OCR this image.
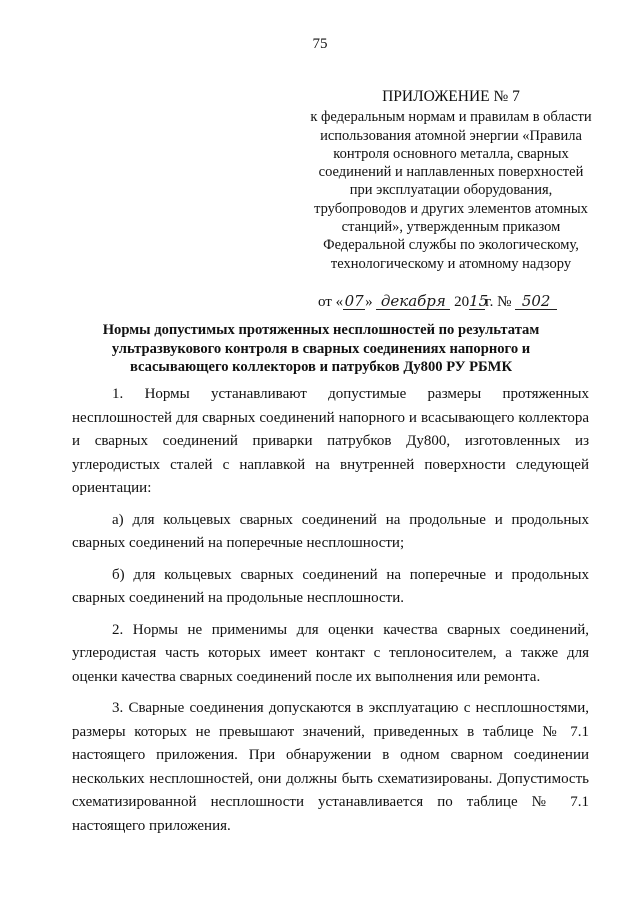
75
ПРИЛОЖЕНИЕ № 7
к федеральным нормам и правилам в области использования атомной энергии «Правила контроля основного металла, сварных соединений и наплавленных поверхностей при эксплуатации оборудования, трубопроводов и других элементов атомных станций», утвержденным приказом Федеральной службы по экологическому, технологическому и атомному надзору
от «07» декабря 2015г. № 502
Нормы допустимых протяженных несплошностей по результатам ультразвукового контроля в сварных соединениях напорного и всасывающего коллекторов и патрубков Ду800 РУ РБМК

1. Нормы устанавливают допустимые размеры протяженных несплошностей для сварных соединений напорного и всасывающего коллектора и сварных соединений приварки патрубков Ду800, изготовленных из углеродистых сталей с наплавкой на внутренней поверхности следующей ориентации:

а) для кольцевых сварных соединений на продольные и продольных сварных соединений на поперечные несплошности;

б) для кольцевых сварных соединений на поперечные и продольных сварных соединений на продольные несплошности.

2. Нормы не применимы для оценки качества сварных соединений, углеродистая часть которых имеет контакт с теплоносителем, а также для оценки качества сварных соединений после их выполнения или ремонта.

3. Сварные соединения допускаются в эксплуатацию с несплошностями, размеры которых не превышают значений, приведенных в таблице № 7.1 настоящего приложения. При обнаружении в одном сварном соединении нескольких несплошностей, они должны быть схематизированы. Допустимость схематизированной несплошности устанавливается по таблице № 7.1 настоящего приложения.
